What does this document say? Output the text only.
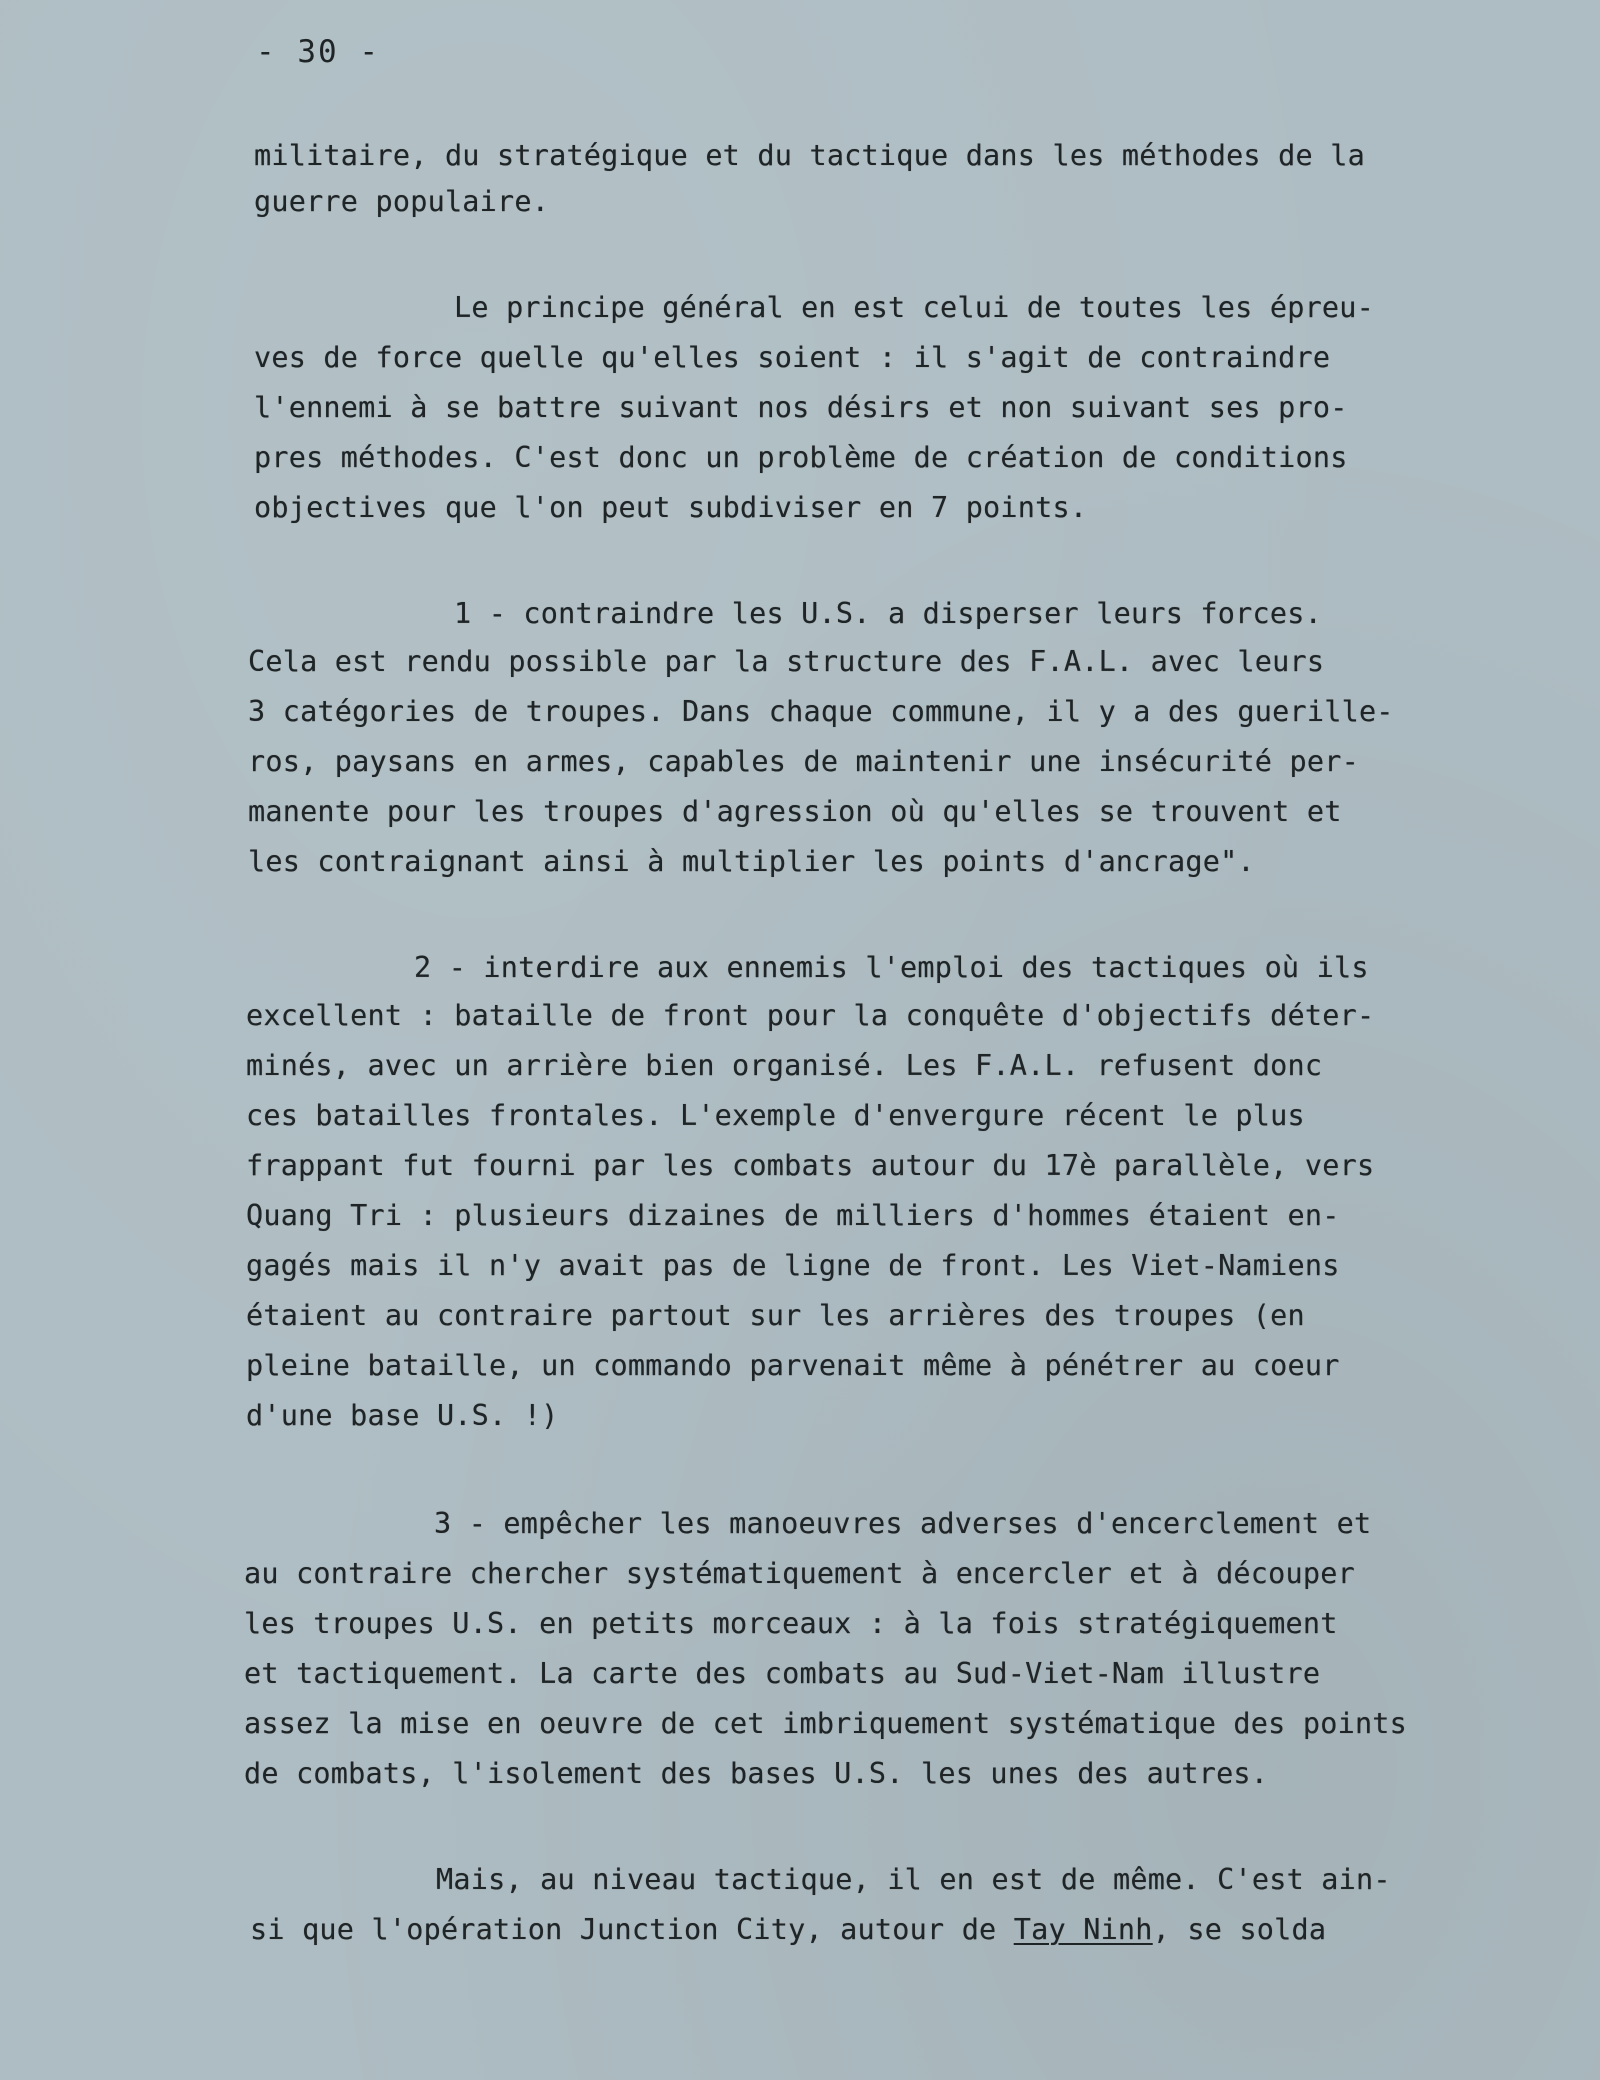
- 30 -
militaire, du stratégique et du tactique dans les méthodes de la
guerre populaire.
Le principe général en est celui de toutes les épreu-
ves de force quelle qu'elles soient : il s'agit de contraindre
l'ennemi à se battre suivant nos désirs et non suivant ses pro-
pres méthodes. C'est donc un problème de création de conditions
objectives que l'on peut subdiviser en 7 points.
1 - contraindre les U.S. a disperser leurs forces.
Cela est rendu possible par la structure des F.A.L. avec leurs
3 catégories de troupes. Dans chaque commune, il y a des guerille-
ros, paysans en armes, capables de maintenir une insécurité per-
manente pour les troupes d'agression où qu'elles se trouvent et
les contraignant ainsi à multiplier les points d'ancrage".
2 - interdire aux ennemis l'emploi des tactiques où ils
excellent : bataille de front pour la conquête d'objectifs déter-
minés, avec un arrière bien organisé. Les F.A.L. refusent donc
ces batailles frontales. L'exemple d'envergure récent le plus
frappant fut fourni par les combats autour du 17è parallèle, vers
Quang Tri : plusieurs dizaines de milliers d'hommes étaient en-
gagés mais il n'y avait pas de ligne de front. Les Viet-Namiens
étaient au contraire partout sur les arrières des troupes (en
pleine bataille, un commando parvenait même à pénétrer au coeur
d'une base U.S. !)
3 - empêcher les manoeuvres adverses d'encerclement et
au contraire chercher systématiquement à encercler et à découper
les troupes U.S. en petits morceaux : à la fois stratégiquement
et tactiquement. La carte des combats au Sud-Viet-Nam illustre
assez la mise en oeuvre de cet imbriquement systématique des points
de combats, l'isolement des bases U.S. les unes des autres.
Mais, au niveau tactique, il en est de même. C'est ain-
si que l'opération Junction City, autour de Tay Ninh, se solda
